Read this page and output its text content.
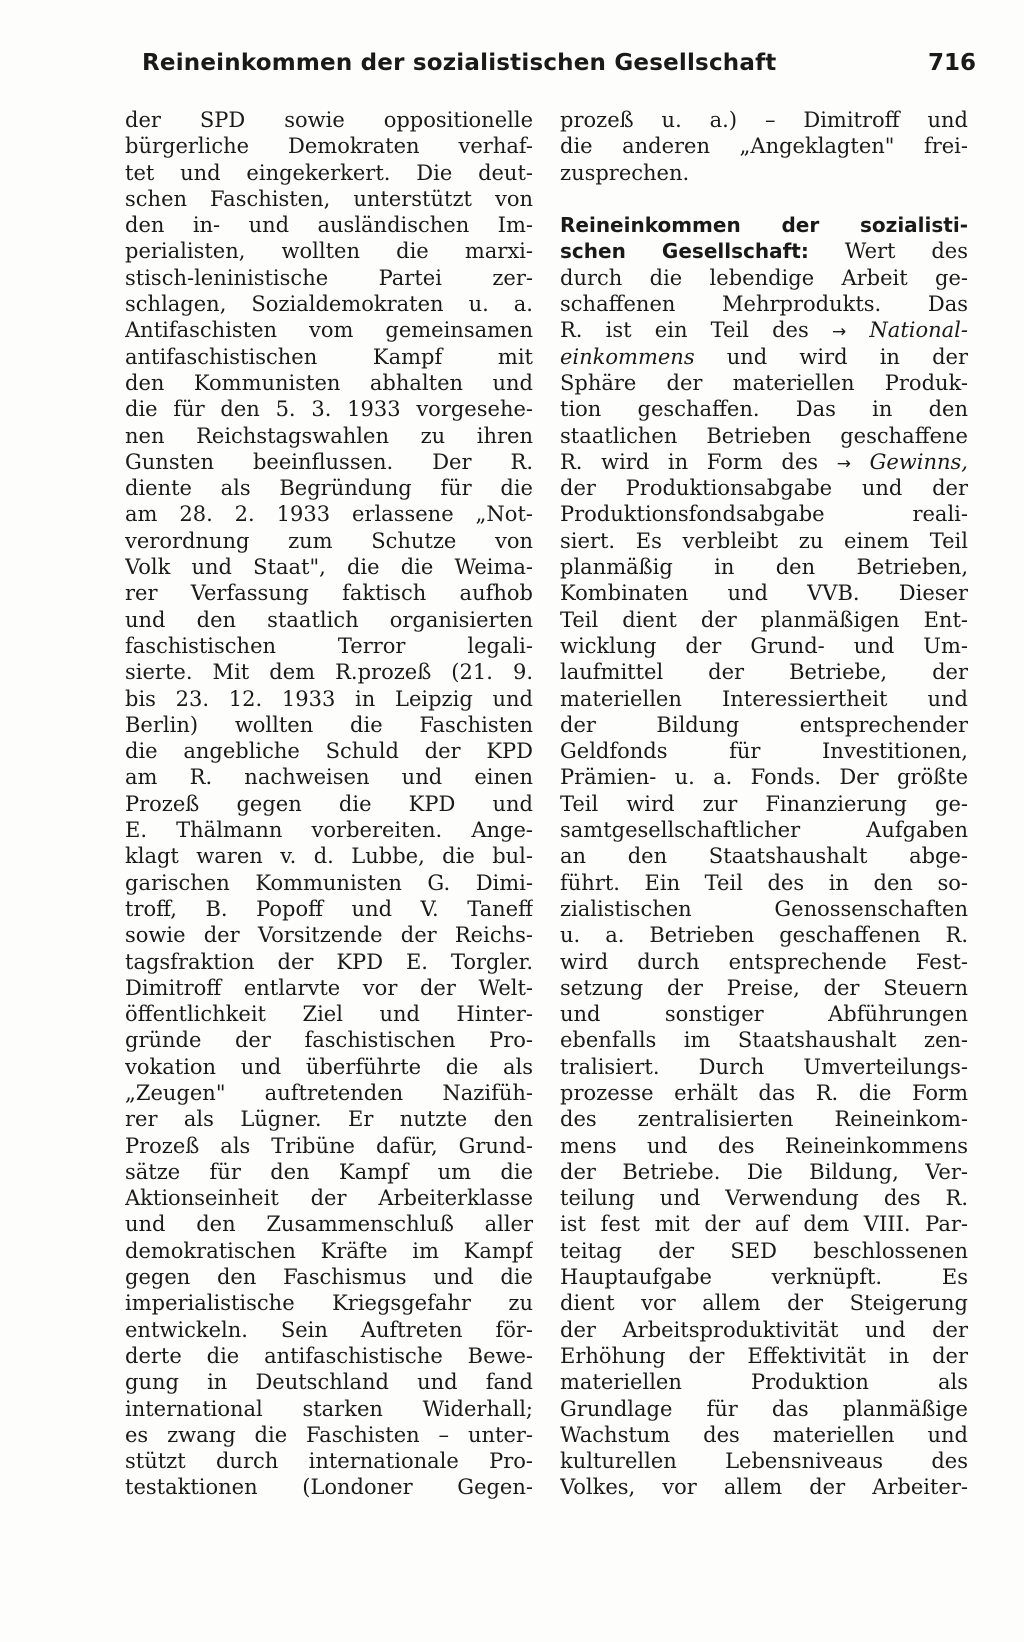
Reineinkommen der sozialistischen Gesellschaft	716
der SPD sowie oppositionelle
bürgerliche Demokraten verhaf-
tet und eingekerkert. Die deut-
schen Faschisten, unterstützt von
den in- und ausländischen Im-
perialisten, wollten die marxi-
stisch-leninistische Partei zer-
schlagen, Sozialdemokraten u. a.
Antifaschisten vom gemeinsamen
antifaschistischen Kampf mit
den Kommunisten abhalten und
die für den 5. 3. 1933 vorgesehe-
nen Reichstagswahlen zu ihren
Gunsten beeinflussen. Der R.
diente als Begründung für die
am 28. 2. 1933 erlassene „Not-
verordnung zum Schutze von
Volk und Staat", die die Weima-
rer Verfassung faktisch aufhob
und den staatlich organisierten
faschistischen Terror legali-
sierte. Mit dem R.prozeß (21. 9.
bis 23. 12. 1933 in Leipzig und
Berlin) wollten die Faschisten
die angebliche Schuld der KPD
am R. nachweisen und einen
Prozeß gegen die KPD und
E. Thälmann vorbereiten. Ange-
klagt waren v. d. Lubbe, die bul-
garischen Kommunisten G. Dimi-
troff, B. Popoff und V. Taneff
sowie der Vorsitzende der Reichs-
tagsfraktion der KPD E. Torgler.
Dimitroff entlarvte vor der Welt-
öffentlichkeit Ziel und Hinter-
gründe der faschistischen Pro-
vokation und überführte die als
„Zeugen" auftretenden Nazifüh-
rer als Lügner. Er nutzte den
Prozeß als Tribüne dafür, Grund-
sätze für den Kampf um die
Aktionseinheit der Arbeiterklasse
und den Zusammenschluß aller
demokratischen Kräfte im Kampf
gegen den Faschismus und die
imperialistische Kriegsgefahr zu
entwickeln. Sein Auftreten för-
derte die antifaschistische Bewe-
gung in Deutschland und fand
international starken Widerhall;
es zwang die Faschisten – unter-
stützt durch internationale Pro-
testaktionen (Londoner Gegen-
prozeß u. a.) – Dimitroff und
die anderen „Angeklagten" frei-
zusprechen.
Reineinkommen der sozialisti-
schen Gesellschaft: Wert des
durch die lebendige Arbeit ge-
schaffenen Mehrprodukts. Das
R. ist ein Teil des → National-
einkommens und wird in der
Sphäre der materiellen Produk-
tion geschaffen. Das in den
staatlichen Betrieben geschaffene
R. wird in Form des → Gewinns,
der Produktionsabgabe und der
Produktionsfondsabgabe reali-
siert. Es verbleibt zu einem Teil
planmäßig in den Betrieben,
Kombinaten und VVB. Dieser
Teil dient der planmäßigen Ent-
wicklung der Grund- und Um-
laufmittel der Betriebe, der
materiellen Interessiertheit und
der Bildung entsprechender
Geldfonds für Investitionen,
Prämien- u. a. Fonds. Der größte
Teil wird zur Finanzierung ge-
samtgesellschaftlicher Aufgaben
an den Staatshaushalt abge-
führt. Ein Teil des in den so-
zialistischen Genossenschaften
u. a. Betrieben geschaffenen R.
wird durch entsprechende Fest-
setzung der Preise, der Steuern
und sonstiger Abführungen
ebenfalls im Staatshaushalt zen-
tralisiert. Durch Umverteilungs-
prozesse erhält das R. die Form
des zentralisierten Reineinkom-
mens und des Reineinkommens
der Betriebe. Die Bildung, Ver-
teilung und Verwendung des R.
ist fest mit der auf dem VIII. Par-
teitag der SED beschlossenen
Hauptaufgabe verknüpft. Es
dient vor allem der Steigerung
der Arbeitsproduktivität und der
Erhöhung der Effektivität in der
materiellen Produktion als
Grundlage für das planmäßige
Wachstum des materiellen und
kulturellen Lebensniveaus des
Volkes, vor allem der Arbeiter-
